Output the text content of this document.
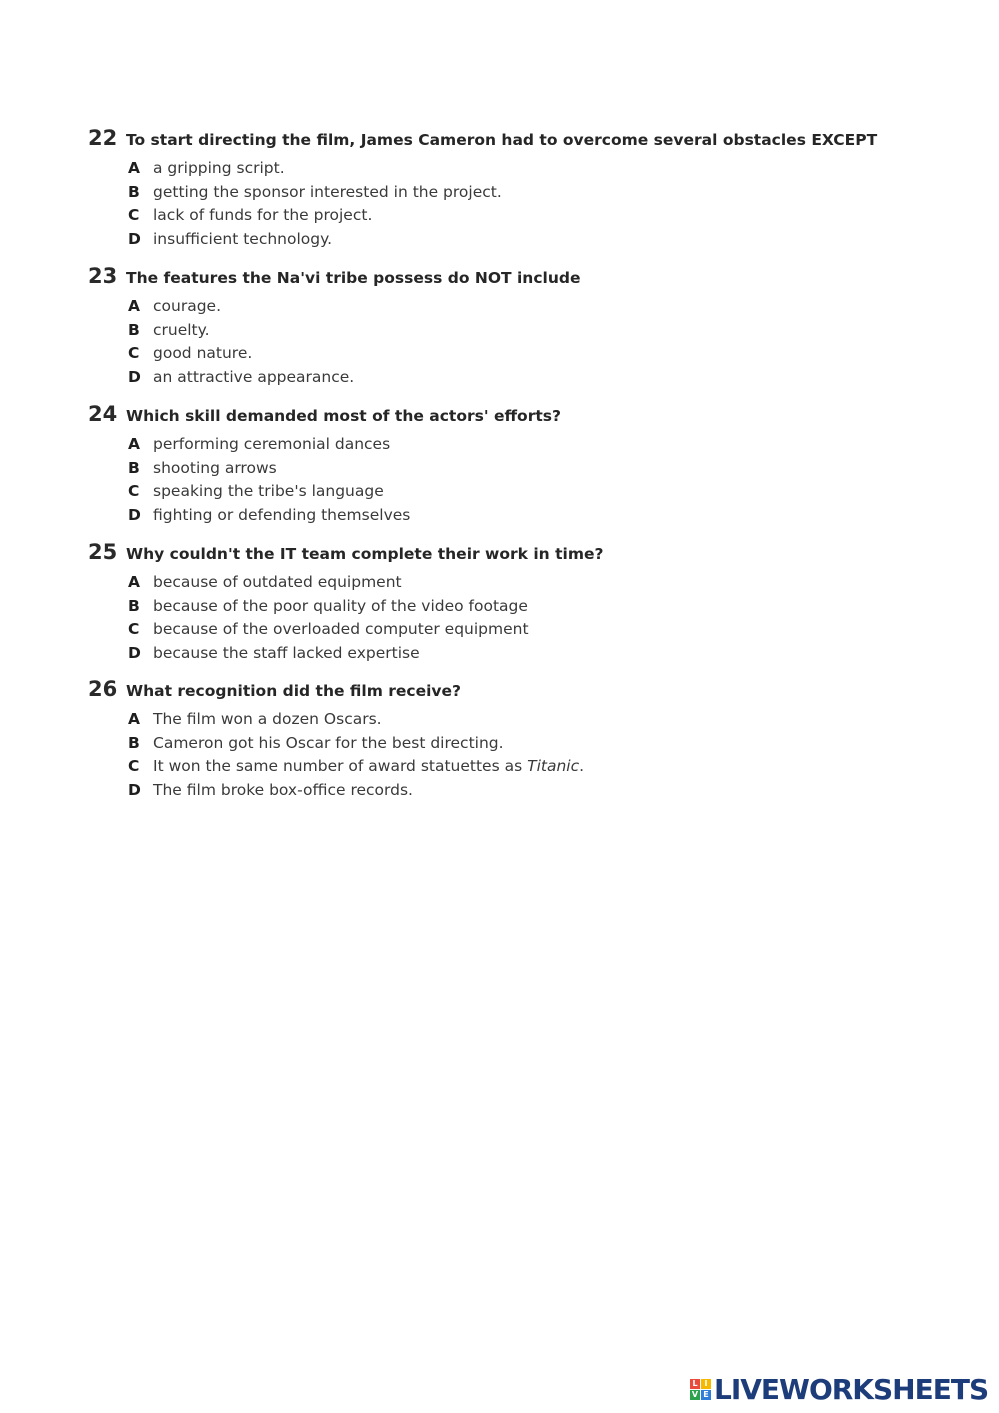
22 To start directing the film, James Cameron had to overcome several obstacles EXCEPT
A a gripping script.
B getting the sponsor interested in the project.
C lack of funds for the project.
D insufficient technology.
23 The features the Na'vi tribe possess do NOT include
A courage.
B cruelty.
C good nature.
D an attractive appearance.
24 Which skill demanded most of the actors' efforts?
A performing ceremonial dances
B shooting arrows
C speaking the tribe's language
D fighting or defending themselves
25 Why couldn't the IT team complete their work in time?
A because of outdated equipment
B because of the poor quality of the video footage
C because of the overloaded computer equipment
D because the staff lacked expertise
26 What recognition did the film receive?
A The film won a dozen Oscars.
B Cameron got his Oscar for the best directing.
C It won the same number of award statuettes as Titanic.
D The film broke box-office records.
L I
V E LIVEWORKSHEETS
